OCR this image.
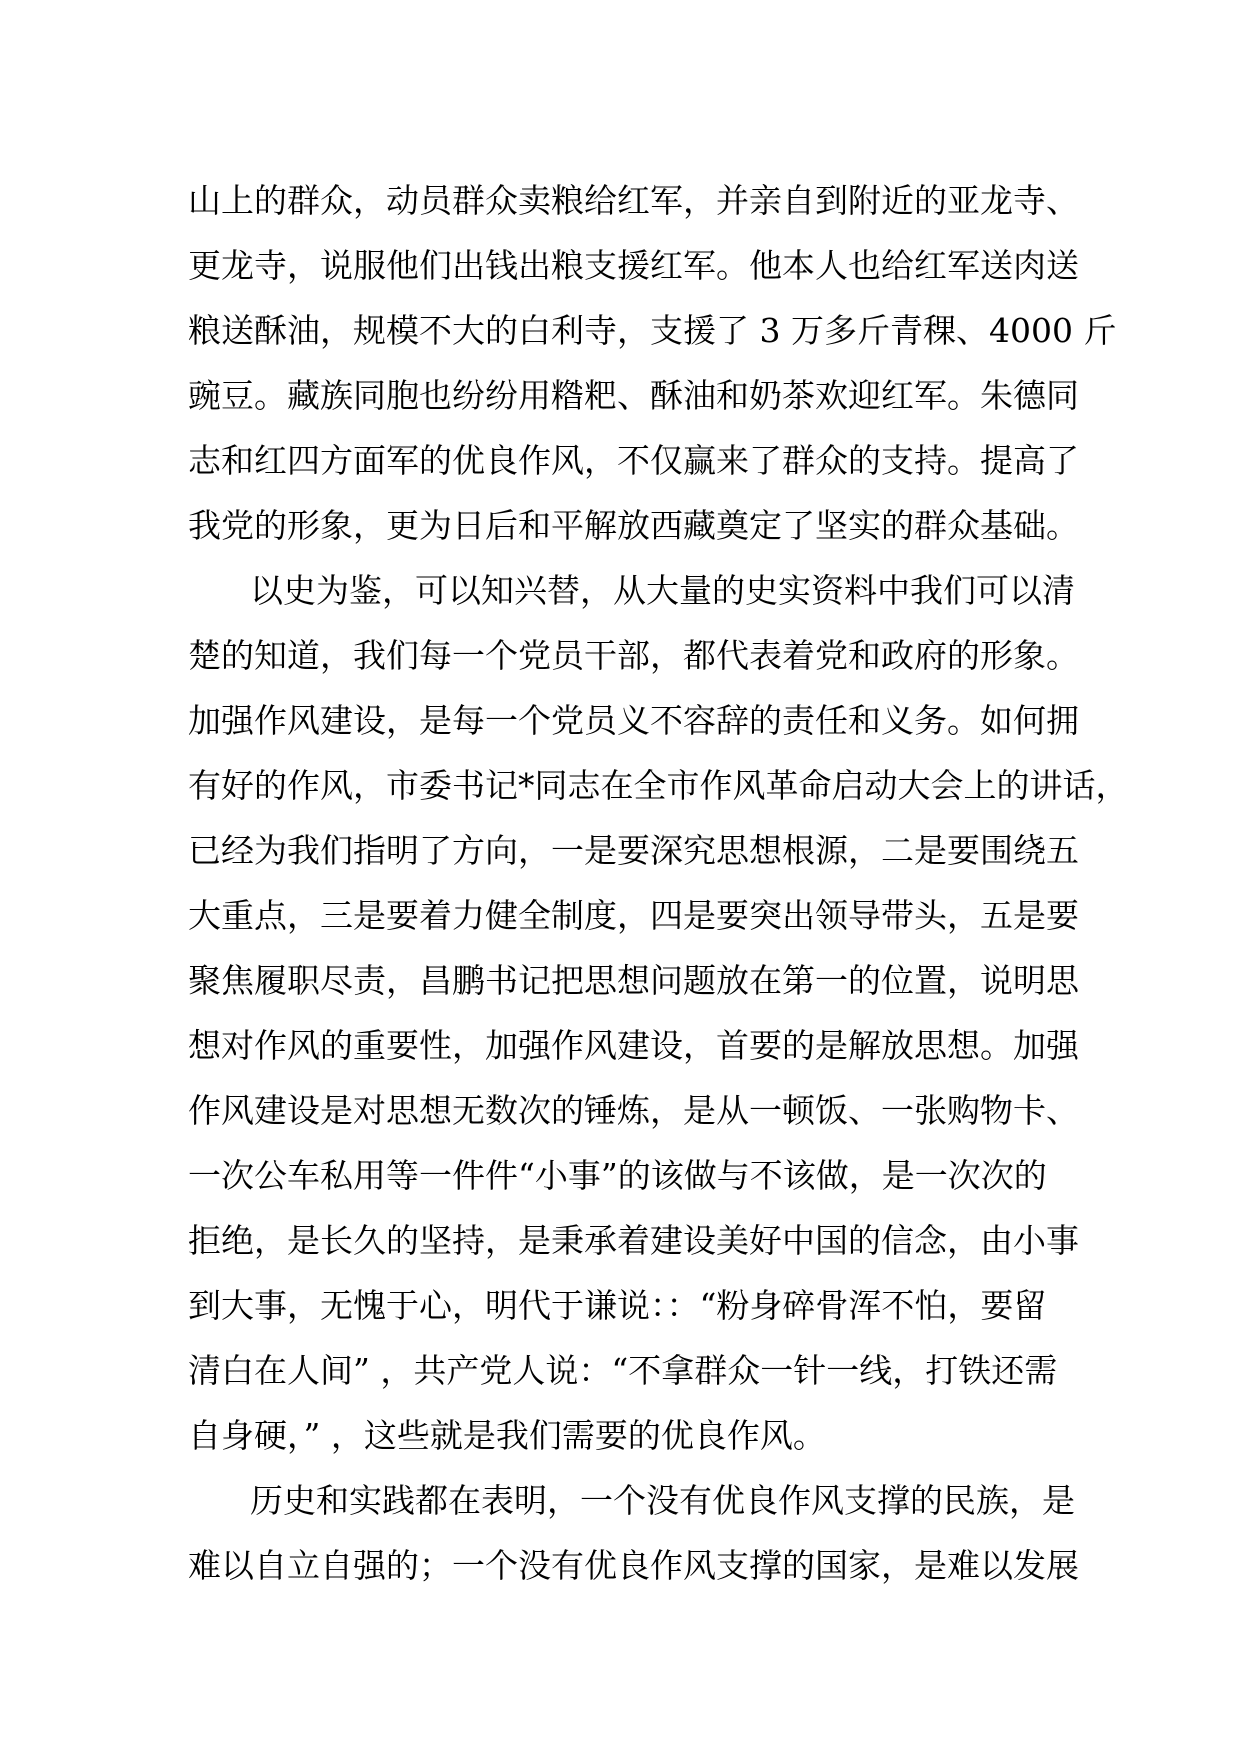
山上的群众，动员群众卖粮给红军，并亲自到附近的亚龙寺、

更龙寺，说服他们出钱出粮支援红军。他本人也给红军送肉送

粮送酥油，规模不大的白利寺，支援了 3 万多斤青稞、4000 斤

豌豆。藏族同胞也纷纷用糌粑、酥油和奶茶欢迎红军。朱德同

志和红四方面军的优良作风，不仅赢来了群众的支持。提高了

我党的形象，更为日后和平解放西藏奠定了坚实的群众基础。

以史为鉴，可以知兴替，从大量的史实资料中我们可以清

楚的知道，我们每一个党员干部，都代表着党和政府的形象。

加强作风建设，是每一个党员义不容辞的责任和义务。如何拥

有好的作风，市委书记*同志在全市作风革命启动大会上的讲话，

已经为我们指明了方向，一是要深究思想根源，二是要围绕五

大重点，三是要着力健全制度，四是要突出领导带头，五是要

聚焦履职尽责，昌鹏书记把思想问题放在第一的位置，说明思

想对作风的重要性，加强作风建设，首要的是解放思想。加强

作风建设是对思想无数次的锤炼，是从一顿饭、一张购物卡、

一次公车私用等一件件“小事”的该做与不该做，是一次次的

拒绝，是长久的坚持，是秉承着建设美好中国的信念，由小事

到大事，无愧于心，明代于谦说：：“粉身碎骨浑不怕，要留

清白在人间” ，共产党人说：“不拿群众一针一线，打铁还需

自身硬，” ，这些就是我们需要的优良作风。

历史和实践都在表明，一个没有优良作风支撑的民族，是

难以自立自强的；一个没有优良作风支撑的国家，是难以发展
